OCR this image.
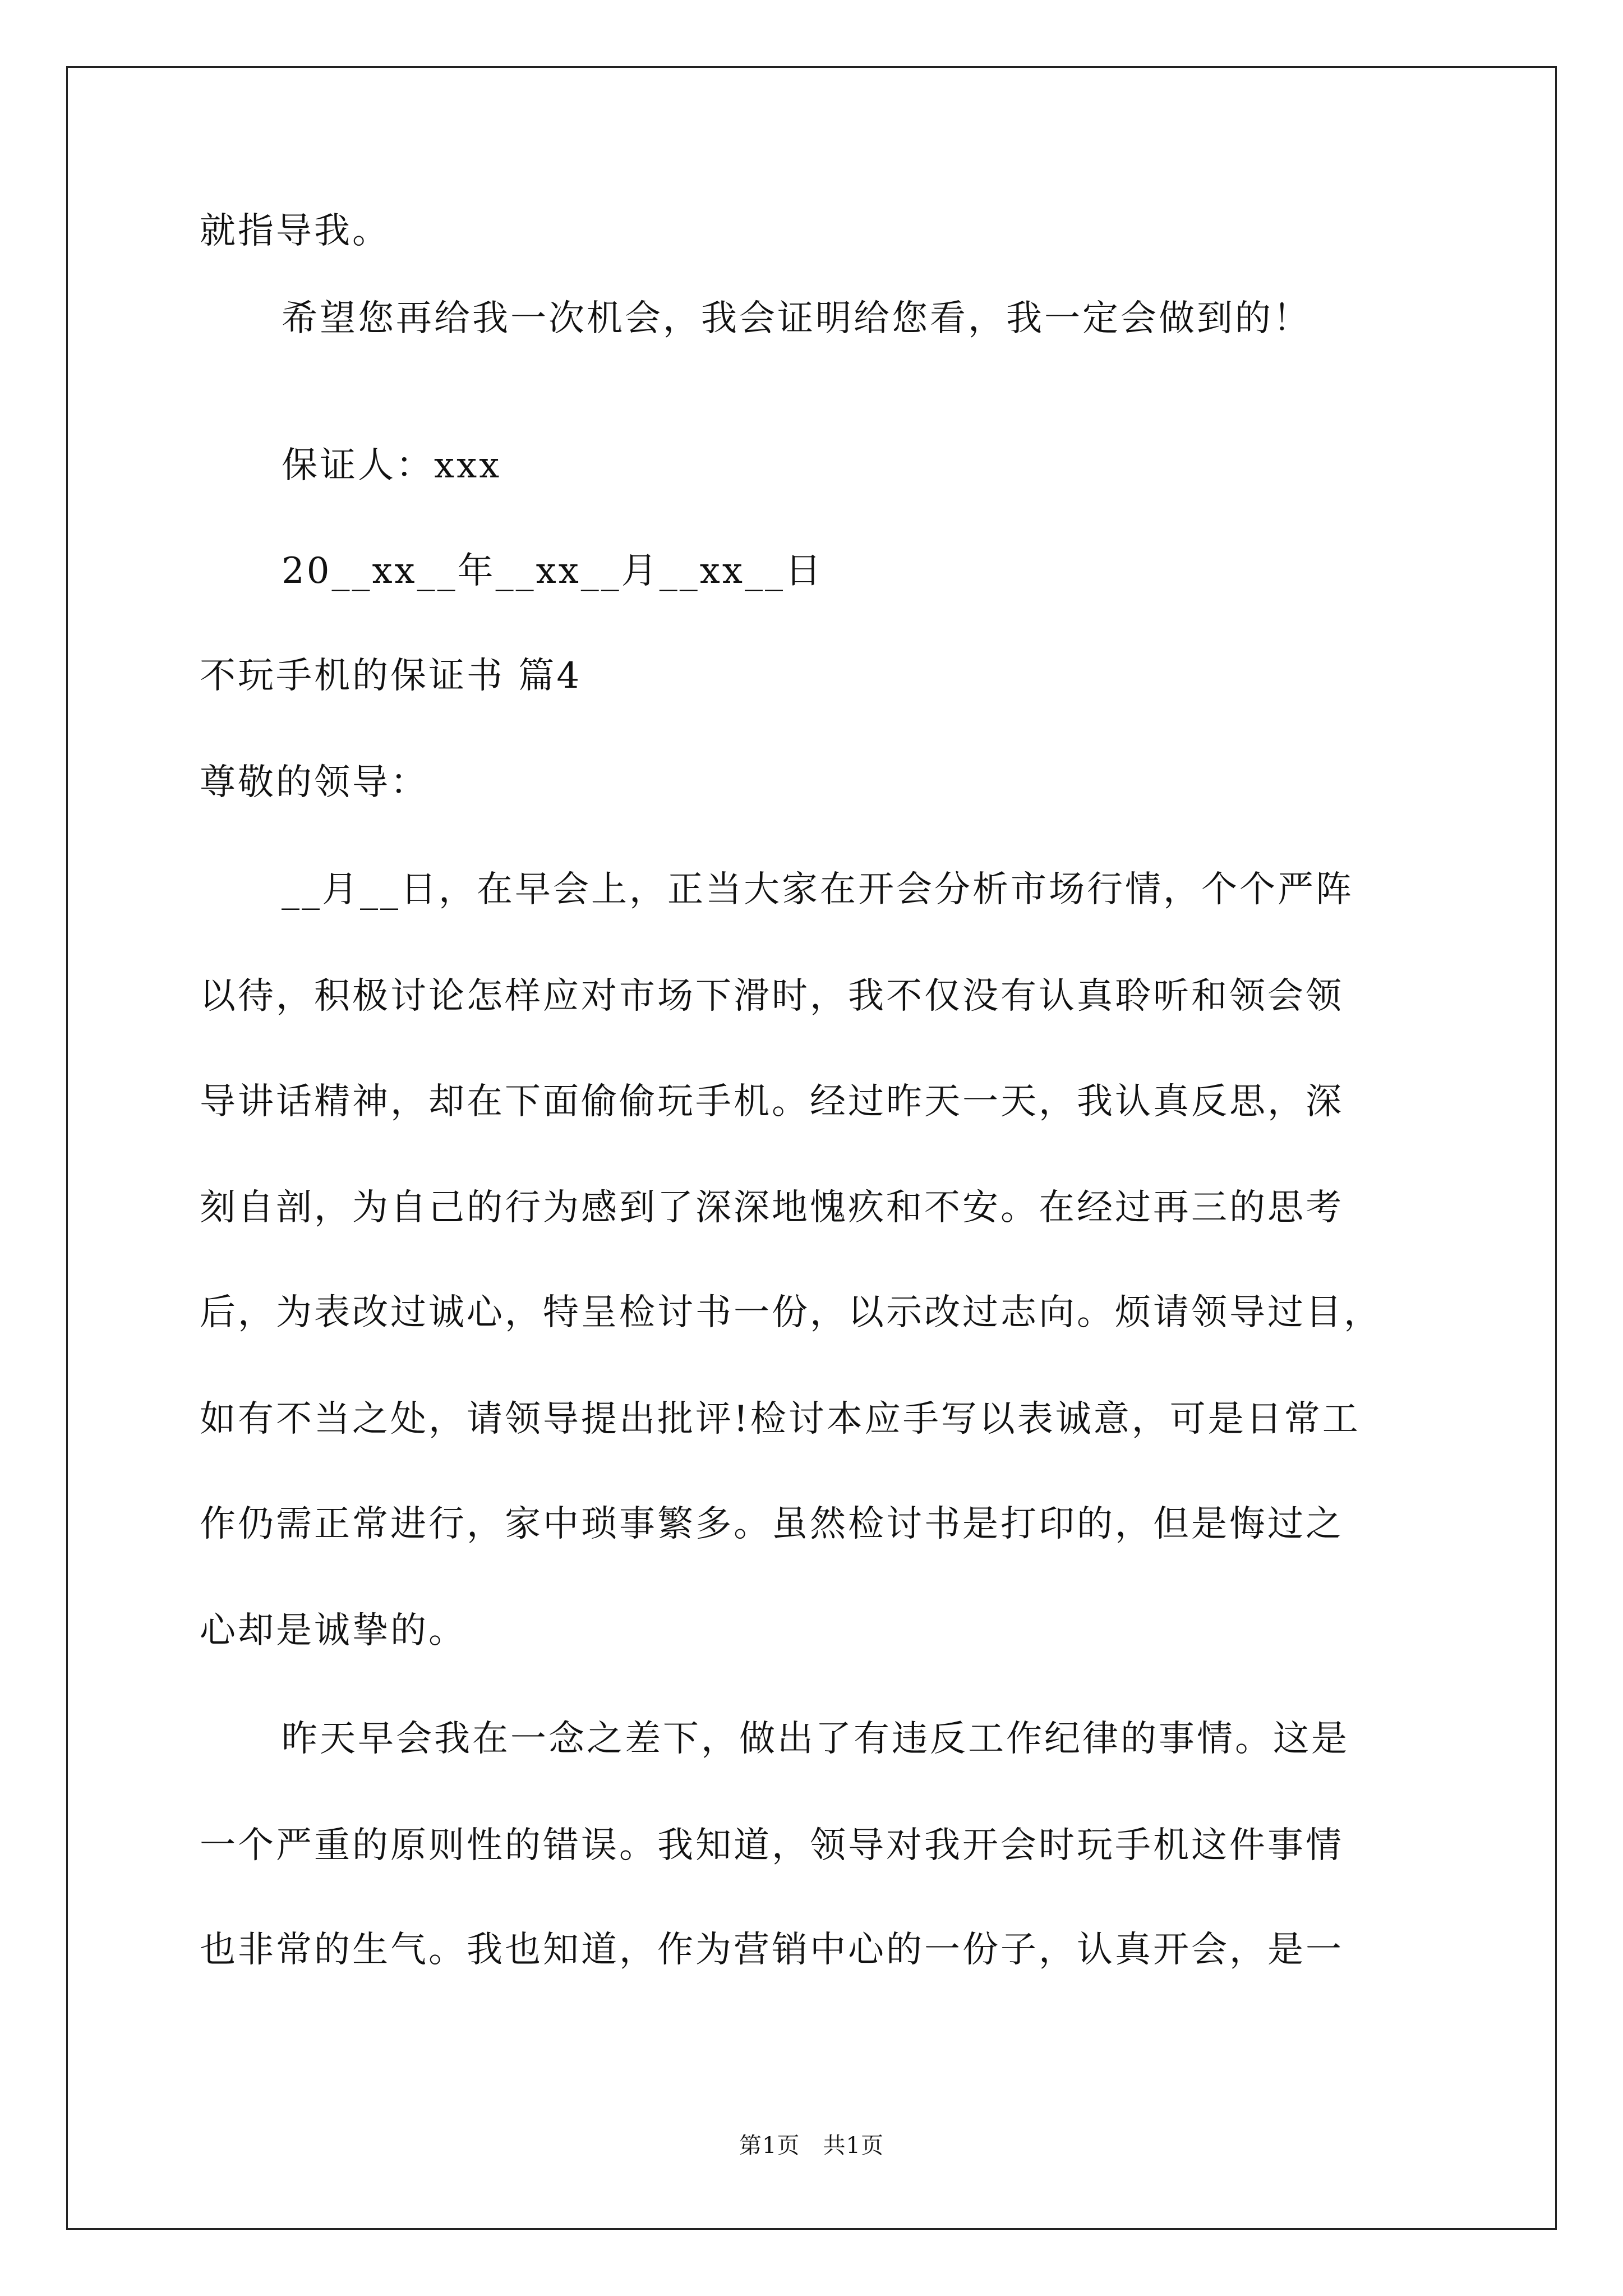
就指导我。
希望您再给我一次机会，我会证明给您看，我一定会做到的！
保证人：xxx
20__xx__年__xx__月__xx__日
不玩手机的保证书 篇4
尊敬的领导：
__月__日，在早会上，正当大家在开会分析市场行情，个个严阵
以待，积极讨论怎样应对市场下滑时，我不仅没有认真聆听和领会领
导讲话精神，却在下面偷偷玩手机。经过昨天一天，我认真反思，深
刻自剖，为自己的行为感到了深深地愧疚和不安。在经过再三的思考
后，为表改过诚心，特呈检讨书一份，以示改过志向。烦请领导过目，
如有不当之处，请领导提出批评!检讨本应手写以表诚意，可是日常工
作仍需正常进行，家中琐事繁多。虽然检讨书是打印的，但是悔过之
心却是诚挚的。
昨天早会我在一念之差下，做出了有违反工作纪律的事情。这是
一个严重的原则性的错误。我知道，领导对我开会时玩手机这件事情
也非常的生气。我也知道，作为营销中心的一份子，认真开会，是一
第1页   共1页
